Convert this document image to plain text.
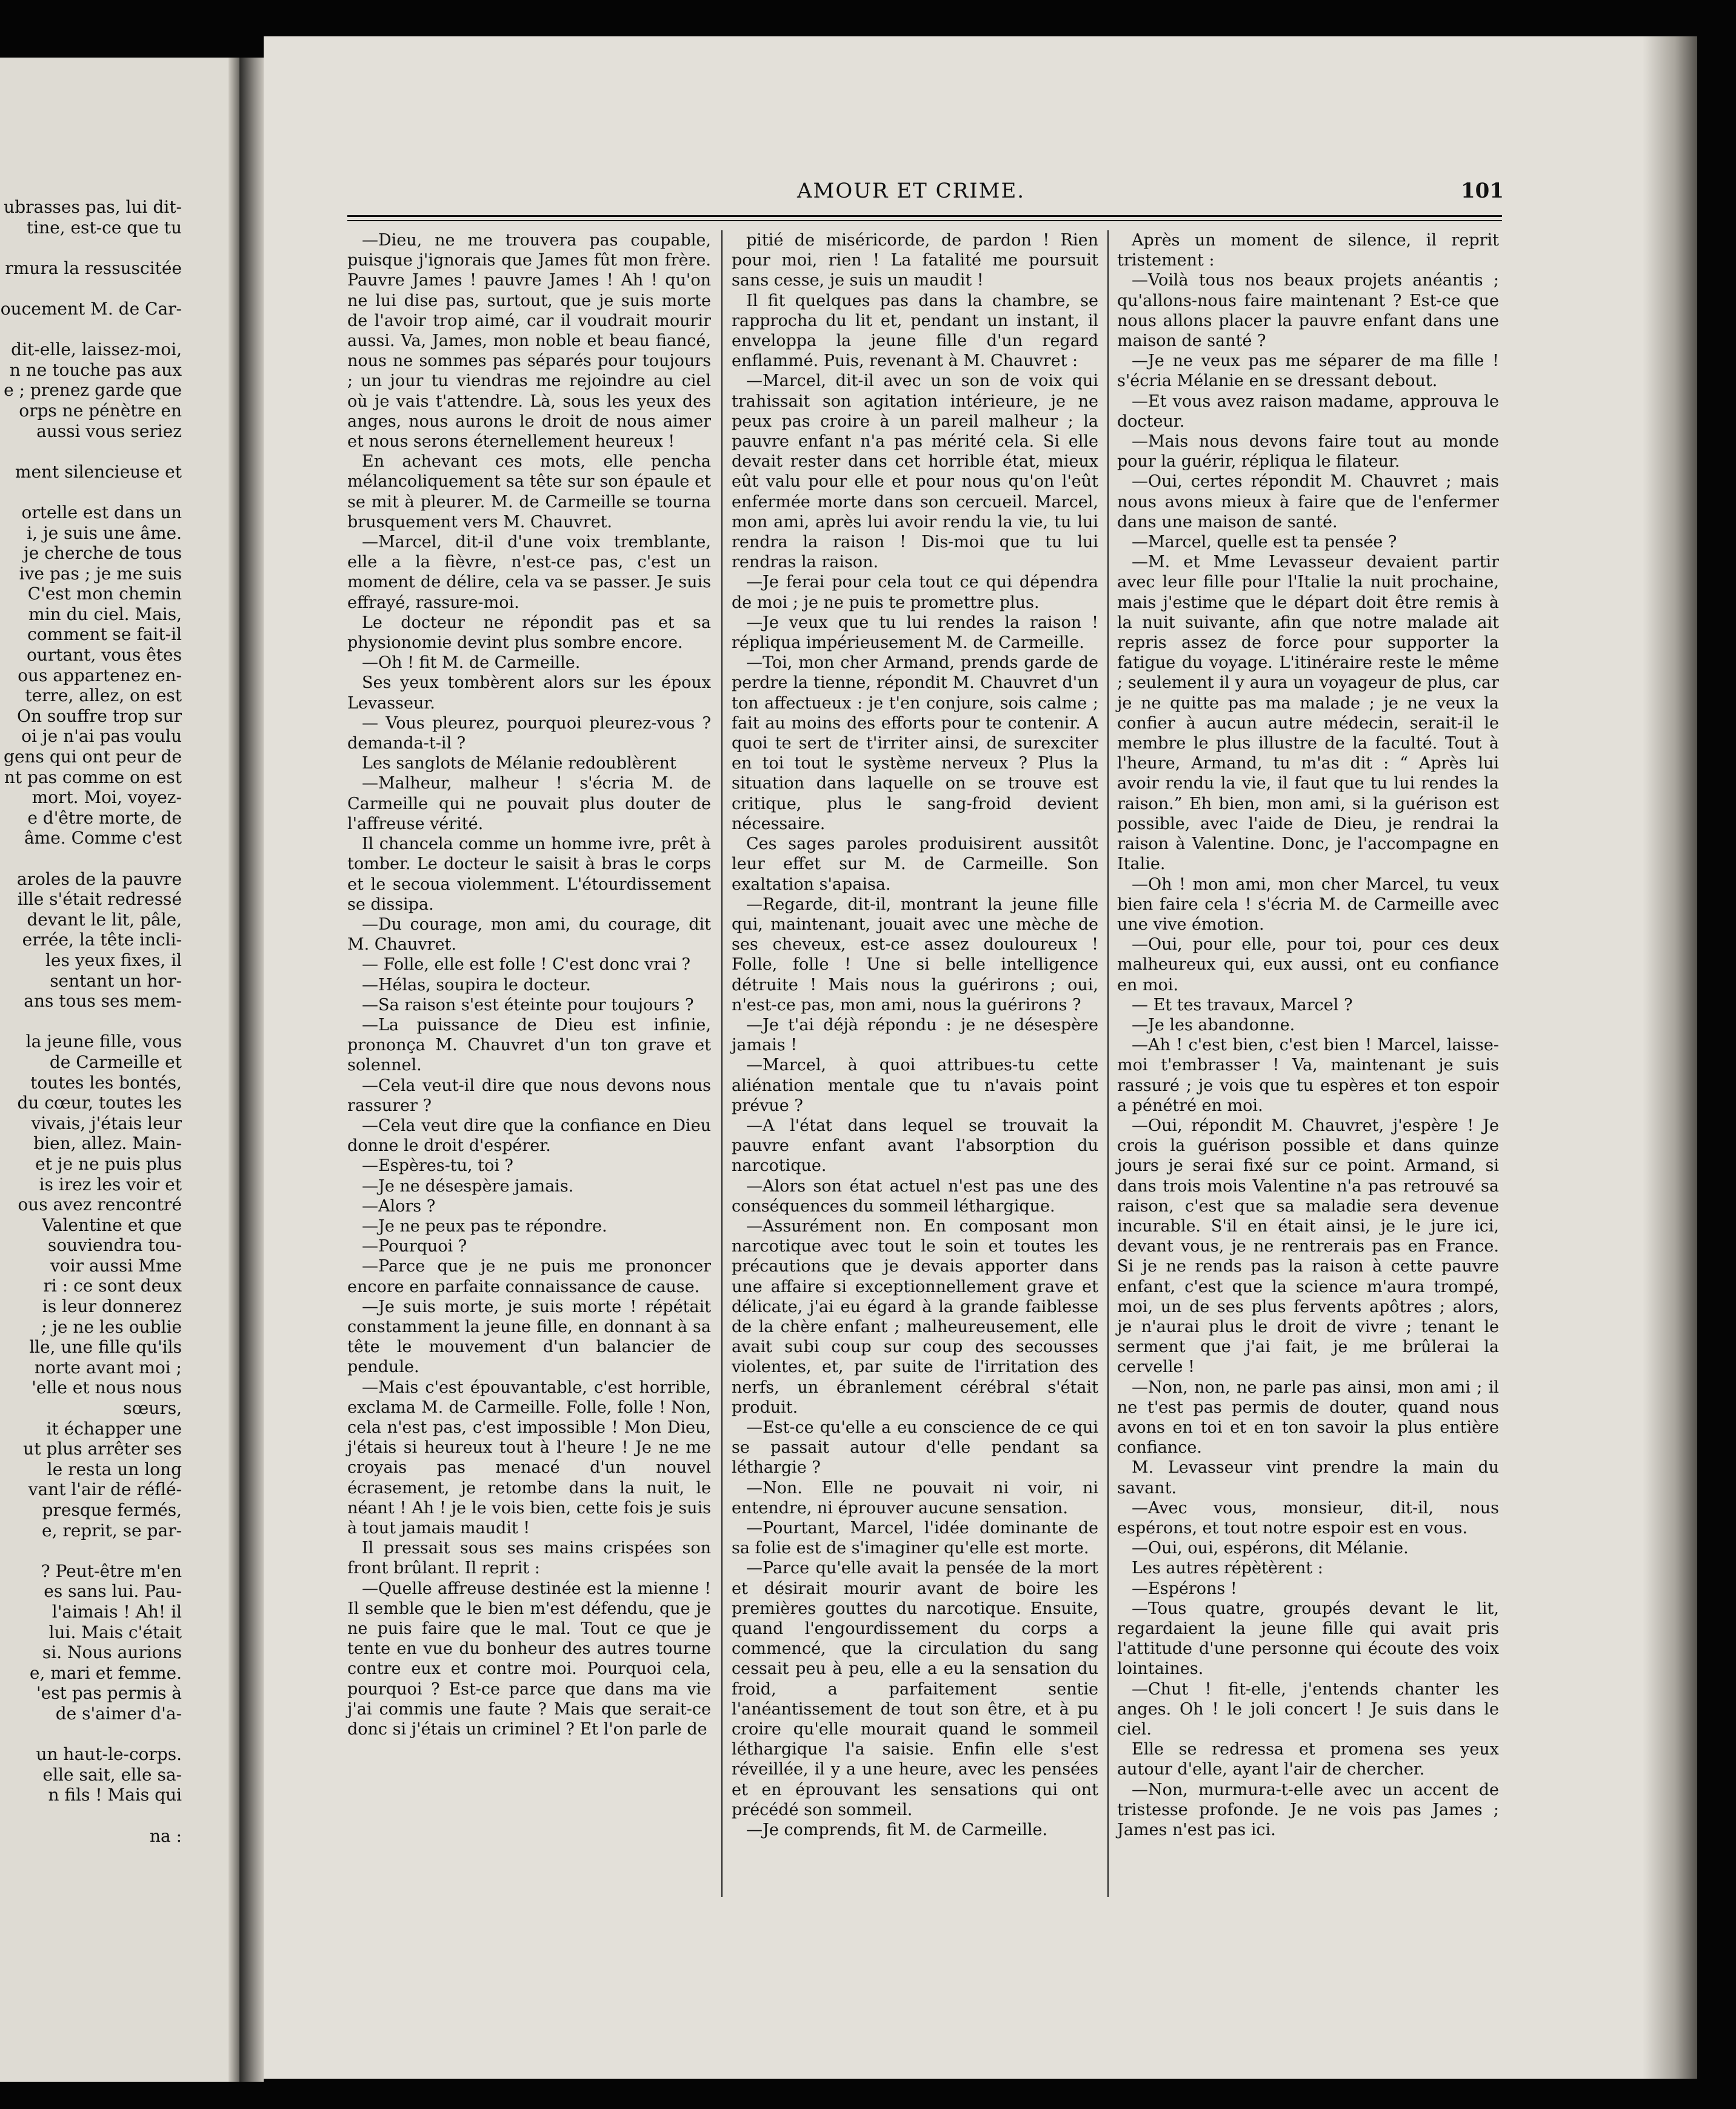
ubrasses pas, lui dit-
tine, est-ce que tu
rmura la ressuscitée
oucement M. de Car-
dit-elle, laissez-moi,
n ne touche pas aux
e ; prenez garde que
orps ne pénètre en
aussi vous seriez
ment silencieuse et
ortelle est dans un
i, je suis une âme.
je cherche de tous
ive pas ; je me suis
C'est mon chemin
min du ciel. Mais,
comment se fait-il
ourtant, vous êtes
ous appartenez en-
terre, allez, on est
On souffre trop sur
oi je n'ai pas voulu
gens qui ont peur de
nt pas comme on est
mort. Moi, voyez-
e d'être morte, de
âme. Comme c'est
aroles de la pauvre
ille s'était redressé
devant le lit, pâle,
errée, la tête incli-
les yeux fixes, il
sentant un hor-
ans tous ses mem-
la jeune fille, vous
de Carmeille et
toutes les bontés,
du cœur, toutes les
vivais, j'étais leur
bien, allez. Main-
et je ne puis plus
is irez les voir et
ous avez rencontré
Valentine et que
souviendra tou-
voir aussi Mme
ri : ce sont deux
is leur donnerez
; je ne les oublie
lle, une fille qu'ils
norte avant moi ;
'elle et nous nous
sœurs,
it échapper une
ut plus arrêter ses
le resta un long
vant l'air de réflé-
presque fermés,
e, reprit, se par-
? Peut-être m'en
es sans lui. Pau-
l'aimais ! Ah! il
lui. Mais c'était
si. Nous aurions
e, mari et femme.
'est pas permis à
de s'aimer d'a-
un haut-le-corps.
elle sait, elle sa-
n fils ! Mais qui
na :
AMOUR ET CRIME.	101

—Dieu, ne me trouvera pas coupable, puisque j'ignorais que James fût mon frère. Pauvre James ! pauvre James ! Ah ! qu'on ne lui dise pas, surtout, que je suis morte de l'avoir trop aimé, car il voudrait mourir aussi. Va, James, mon noble et beau fiancé, nous ne sommes pas séparés pour toujours ; un jour tu viendras me rejoindre au ciel où je vais t'attendre. Là, sous les yeux des anges, nous aurons le droit de nous aimer et nous serons éternellement heureux !

En achevant ces mots, elle pencha mélancoliquement sa tête sur son épaule et se mit à pleurer. M. de Carmeille se tourna brusquement vers M. Chauvret.

—Marcel, dit-il d'une voix tremblante, elle a la fièvre, n'est-ce pas, c'est un moment de délire, cela va se passer. Je suis effrayé, rassure-moi.

Le docteur ne répondit pas et sa physionomie devint plus sombre encore.

—Oh ! fit M. de Carmeille.

Ses yeux tombèrent alors sur les époux Levasseur.

— Vous pleurez, pourquoi pleurez-vous ? demanda-t-il ?

Les sanglots de Mélanie redoublèrent

—Malheur, malheur ! s'écria M. de Carmeille qui ne pouvait plus douter de l'affreuse vérité.

Il chancela comme un homme ivre, prêt à tomber. Le docteur le saisit à bras le corps et le secoua violemment. L'étourdissement se dissipa.

—Du courage, mon ami, du courage, dit M. Chauvret.

— Folle, elle est folle ! C'est donc vrai ?

—Hélas, soupira le docteur.

—Sa raison s'est éteinte pour toujours ?

—La puissance de Dieu est infinie, prononça M. Chauvret d'un ton grave et solennel.

—Cela veut-il dire que nous devons nous rassurer ?

—Cela veut dire que la confiance en Dieu donne le droit d'espérer.

—Espères-tu, toi ?

—Je ne désespère jamais.

—Alors ?

—Je ne peux pas te répondre.

—Pourquoi ?

—Parce que je ne puis me prononcer encore en parfaite connaissance de cause.

—Je suis morte, je suis morte ! répétait constamment la jeune fille, en donnant à sa tête le mouvement d'un balancier de pendule.

—Mais c'est épouvantable, c'est horrible, exclama M. de Carmeille. Folle, folle ! Non, cela n'est pas, c'est impossible ! Mon Dieu, j'étais si heureux tout à l'heure ! Je ne me croyais pas menacé d'un nouvel écrasement, je retombe dans la nuit, le néant ! Ah ! je le vois bien, cette fois je suis à tout jamais maudit !

Il pressait sous ses mains crispées son front brûlant. Il reprit :

—Quelle affreuse destinée est la mienne ! Il semble que le bien m'est défendu, que je ne puis faire que le mal. Tout ce que je tente en vue du bonheur des autres tourne contre eux et contre moi. Pourquoi cela, pourquoi ? Est-ce parce que dans ma vie j'ai commis une faute ? Mais que serait-ce donc si j'étais un criminel ? Et l'on parle de

pitié de miséricorde, de pardon ! Rien pour moi, rien ! La fatalité me poursuit sans cesse, je suis un maudit !

Il fit quelques pas dans la chambre, se rapprocha du lit et, pendant un instant, il enveloppa la jeune fille d'un regard enflammé. Puis, revenant à M. Chauvret :

—Marcel, dit-il avec un son de voix qui trahissait son agitation intérieure, je ne peux pas croire à un pareil malheur ; la pauvre enfant n'a pas mérité cela. Si elle devait rester dans cet horrible état, mieux eût valu pour elle et pour nous qu'on l'eût enfermée morte dans son cercueil. Marcel, mon ami, après lui avoir rendu la vie, tu lui rendra la raison ! Dis-moi que tu lui rendras la raison.

—Je ferai pour cela tout ce qui dépendra de moi ; je ne puis te promettre plus.

—Je veux que tu lui rendes la raison ! répliqua impérieusement M. de Carmeille.

—Toi, mon cher Armand, prends garde de perdre la tienne, répondit M. Chauvret d'un ton affectueux : je t'en conjure, sois calme ; fait au moins des efforts pour te contenir. A quoi te sert de t'irriter ainsi, de surexciter en toi tout le système nerveux ? Plus la situation dans laquelle on se trouve est critique, plus le sang-froid devient nécessaire.

Ces sages paroles produisirent aussitôt leur effet sur M. de Carmeille. Son exaltation s'apaisa.

—Regarde, dit-il, montrant la jeune fille qui, maintenant, jouait avec une mèche de ses cheveux, est-ce assez douloureux ! Folle, folle ! Une si belle intelligence détruite ! Mais nous la guérirons ; oui, n'est-ce pas, mon ami, nous la guérirons ?

—Je t'ai déjà répondu : je ne désespère jamais !

—Marcel, à quoi attribues-tu cette aliénation mentale que tu n'avais point prévue ?

—A l'état dans lequel se trouvait la pauvre enfant avant l'absorption du narcotique.

—Alors son état actuel n'est pas une des conséquences du sommeil léthargique.

—Assurément non. En composant mon narcotique avec tout le soin et toutes les précautions que je devais apporter dans une affaire si exceptionnellement grave et délicate, j'ai eu égard à la grande faiblesse de la chère enfant ; malheureusement, elle avait subi coup sur coup des secousses violentes, et, par suite de l'irritation des nerfs, un ébranlement cérébral s'était produit.

—Est-ce qu'elle a eu conscience de ce qui se passait autour d'elle pendant sa léthargie ?

—Non. Elle ne pouvait ni voir, ni entendre, ni éprouver aucune sensation.

—Pourtant, Marcel, l'idée dominante de sa folie est de s'imaginer qu'elle est morte.

—Parce qu'elle avait la pensée de la mort et désirait mourir avant de boire les premières gouttes du narcotique. Ensuite, quand l'engourdissement du corps a commencé, que la circulation du sang cessait peu à peu, elle a eu la sensation du froid, a parfaitement sentie l'anéantissement de tout son être, et à pu croire qu'elle mourait quand le sommeil léthargique l'a saisie. Enfin elle s'est réveillée, il y a une heure, avec les pensées et en éprouvant les sensations qui ont précédé son sommeil.

—Je comprends, fit M. de Carmeille.

Après un moment de silence, il reprit tristement :

—Voilà tous nos beaux projets anéantis ; qu'allons-nous faire maintenant ? Est-ce que nous allons placer la pauvre enfant dans une maison de santé ?

—Je ne veux pas me séparer de ma fille ! s'écria Mélanie en se dressant debout.

—Et vous avez raison madame, approuva le docteur.

—Mais nous devons faire tout au monde pour la guérir, répliqua le filateur.

—Oui, certes répondit M. Chauvret ; mais nous avons mieux à faire que de l'enfermer dans une maison de santé.

—Marcel, quelle est ta pensée ?

—M. et Mme Levasseur devaient partir avec leur fille pour l'Italie la nuit prochaine, mais j'estime que le départ doit être remis à la nuit suivante, afin que notre malade ait repris assez de force pour supporter la fatigue du voyage. L'itinéraire reste le même ; seulement il y aura un voyageur de plus, car je ne quitte pas ma malade ; je ne veux la confier à aucun autre médecin, serait-il le membre le plus illustre de la faculté. Tout à l'heure, Armand, tu m'as dit : “ Après lui avoir rendu la vie, il faut que tu lui rendes la raison.” Eh bien, mon ami, si la guérison est possible, avec l'aide de Dieu, je rendrai la raison à Valentine. Donc, je l'accompagne en Italie.

—Oh ! mon ami, mon cher Marcel, tu veux bien faire cela ! s'écria M. de Carmeille avec une vive émotion.

—Oui, pour elle, pour toi, pour ces deux malheureux qui, eux aussi, ont eu confiance en moi.

— Et tes travaux, Marcel ?

—Je les abandonne.

—Ah ! c'est bien, c'est bien ! Marcel, laisse-moi t'embrasser ! Va, maintenant je suis rassuré ; je vois que tu espères et ton espoir a pénétré en moi.

—Oui, répondit M. Chauvret, j'espère ! Je crois la guérison possible et dans quinze jours je serai fixé sur ce point. Armand, si dans trois mois Valentine n'a pas retrouvé sa raison, c'est que sa maladie sera devenue incurable. S'il en était ainsi, je le jure ici, devant vous, je ne rentrerais pas en France. Si je ne rends pas la raison à cette pauvre enfant, c'est que la science m'aura trompé, moi, un de ses plus fervents apôtres ; alors, je n'aurai plus le droit de vivre ; tenant le serment que j'ai fait, je me brûlerai la cervelle !

—Non, non, ne parle pas ainsi, mon ami ; il ne t'est pas permis de douter, quand nous avons en toi et en ton savoir la plus entière confiance.

M. Levasseur vint prendre la main du savant.

—Avec vous, monsieur, dit-il, nous espérons, et tout notre espoir est en vous.

—Oui, oui, espérons, dit Mélanie.

Les autres répètèrent :

—Espérons !

—Tous quatre, groupés devant le lit, regardaient la jeune fille qui avait pris l'attitude d'une personne qui écoute des voix lointaines.

—Chut ! fit-elle, j'entends chanter les anges. Oh ! le joli concert ! Je suis dans le ciel.

Elle se redressa et promena ses yeux autour d'elle, ayant l'air de chercher.

—Non, murmura-t-elle avec un accent de tristesse profonde. Je ne vois pas James ; James n'est pas ici.
